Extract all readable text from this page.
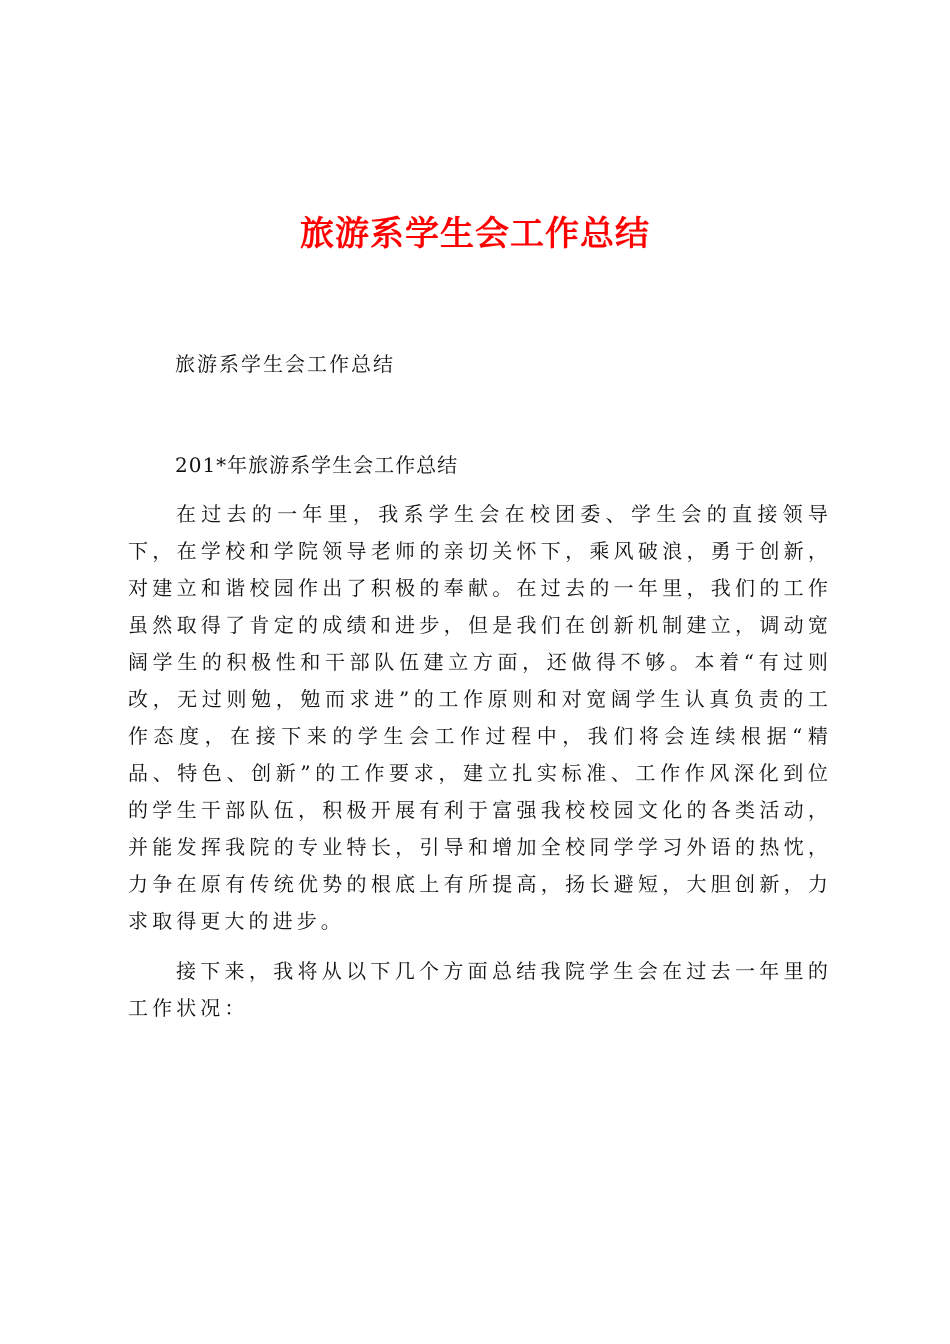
旅游系学生会工作总结

旅游系学生会工作总结

201*年旅游系学生会工作总结

在过去的一年里，我系学生会在校团委、学生会的直接领导下，在学校和学院领导老师的亲切关怀下，乘风破浪，勇于创新，对建立和谐校园作出了积极的奉献。在过去的一年里，我们的工作虽然取得了肯定的成绩和进步，但是我们在创新机制建立，调动宽阔学生的积极性和干部队伍建立方面，还做得不够。本着“有过则改，无过则勉，勉而求进”的工作原则和对宽阔学生认真负责的工作态度，在接下来的学生会工作过程中，我们将会连续根据“精品、特色、创新”的工作要求，建立扎实标准、工作作风深化到位的学生干部队伍，积极开展有利于富强我校校园文化的各类活动，并能发挥我院的专业特长，引导和增加全校同学学习外语的热忱，力争在原有传统优势的根底上有所提高，扬长避短，大胆创新，力求取得更大的进步。

接下来，我将从以下几个方面总结我院学生会在过去一年里的工作状况：
